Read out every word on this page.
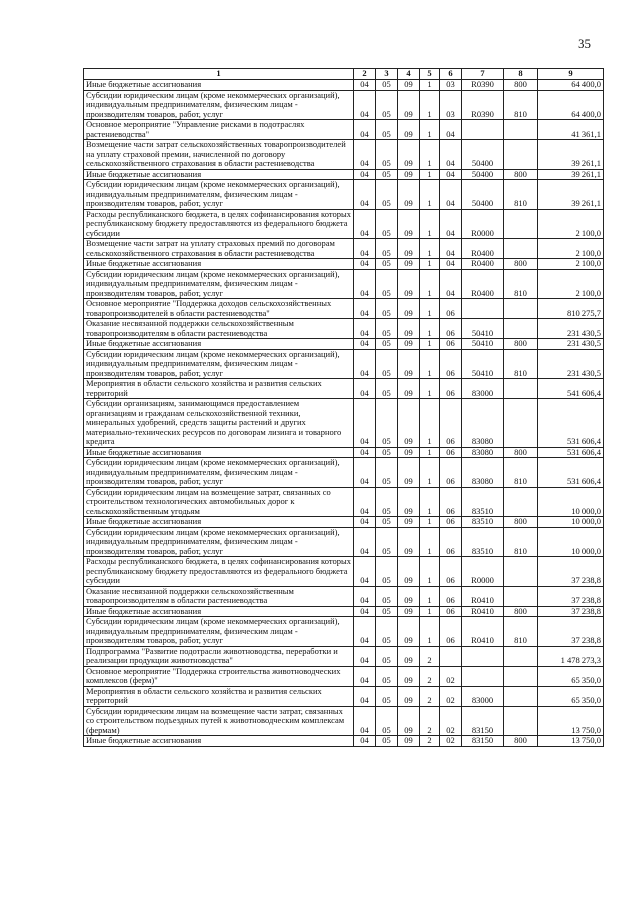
35
1	2	3	4	5	6	7	8	9
Иные бюджетные ассигнования	04	05	09	1	03	R0390	800	64 400,0
Субсидии юридическим лицам (кроме некоммерческих организаций), индивидуальным предпринимателям, физическим лицам - производителям товаров, работ, услуг	04	05	09	1	03	R0390	810	64 400,0
Основное мероприятие "Управление рисками в подотраслях растениеводства"	04	05	09	1	04			41 361,1
Возмещение части затрат сельскохозяйственных товаропроизводителей на уплату страховой премии, начисленной по договору сельскохозяйственного страхования в области растениеводства	04	05	09	1	04	50400		39 261,1
Иные бюджетные ассигнования	04	05	09	1	04	50400	800	39 261,1
Субсидии юридическим лицам (кроме некоммерческих организаций), индивидуальным предпринимателям, физическим лицам - производителям товаров, работ, услуг	04	05	09	1	04	50400	810	39 261,1
Расходы республиканского бюджета, в целях софинансирования которых республиканскому бюджету предоставляются из федерального бюджета субсидии	04	05	09	1	04	R0000		2 100,0
Возмещение части затрат на уплату страховых премий по договорам сельскохозяйственного страхования в области растениеводства	04	05	09	1	04	R0400		2 100,0
Иные бюджетные ассигнования	04	05	09	1	04	R0400	800	2 100,0
Субсидии юридическим лицам (кроме некоммерческих организаций), индивидуальным предпринимателям, физическим лицам - производителям товаров, работ, услуг	04	05	09	1	04	R0400	810	2 100,0
Основное мероприятие "Поддержка доходов сельскохозяйственных товаропроизводителей в области растениеводства"	04	05	09	1	06			810 275,7
Оказание несвязанной поддержки сельскохозяйственным товаропроизводителям в области растениеводства	04	05	09	1	06	50410		231 430,5
Иные бюджетные ассигнования	04	05	09	1	06	50410	800	231 430,5
Субсидии юридическим лицам (кроме некоммерческих организаций), индивидуальным предпринимателям, физическим лицам - производителям товаров, работ, услуг	04	05	09	1	06	50410	810	231 430,5
Мероприятия в области сельского хозяйства и развития сельских территорий	04	05	09	1	06	83000		541 606,4
Субсидии организациям, занимающимся предоставлением организациям и гражданам сельскохозяйственной техники, минеральных удобрений, средств защиты растений и других материально-технических ресурсов по договорам лизинга и товарного кредита	04	05	09	1	06	83080		531 606,4
Иные бюджетные ассигнования	04	05	09	1	06	83080	800	531 606,4
Субсидии юридическим лицам (кроме некоммерческих организаций), индивидуальным предпринимателям, физическим лицам - производителям товаров, работ, услуг	04	05	09	1	06	83080	810	531 606,4
Субсидии юридическим лицам на возмещение затрат, связанных со строительством технологических автомобильных дорог к сельскохозяйственным угодьям	04	05	09	1	06	83510		10 000,0
Иные бюджетные ассигнования	04	05	09	1	06	83510	800	10 000,0
Субсидии юридическим лицам (кроме некоммерческих организаций), индивидуальным предпринимателям, физическим лицам - производителям товаров, работ, услуг	04	05	09	1	06	83510	810	10 000,0
Расходы республиканского бюджета, в целях софинансирования которых республиканскому бюджету предоставляются из федерального бюджета субсидии	04	05	09	1	06	R0000		37 238,8
Оказание несвязанной поддержки сельскохозяйственным товаропроизводителям в области растениеводства	04	05	09	1	06	R0410		37 238,8
Иные бюджетные ассигнования	04	05	09	1	06	R0410	800	37 238,8
Субсидии юридическим лицам (кроме некоммерческих организаций), индивидуальным предпринимателям, физическим лицам - производителям товаров, работ, услуг	04	05	09	1	06	R0410	810	37 238,8
Подпрограмма "Развитие подотрасли животноводства, переработки и реализации продукции животноводства"	04	05	09	2				1 478 273,3
Основное мероприятие "Поддержка строительства животноводческих комплексов (ферм)"	04	05	09	2	02			65 350,0
Мероприятия в области сельского хозяйства и развития сельских территорий	04	05	09	2	02	83000		65 350,0
Субсидии юридическим лицам на возмещение части затрат, связанных со строительством подъездных путей к животноводческим комплексам (фермам)	04	05	09	2	02	83150		13 750,0
Иные бюджетные ассигнования	04	05	09	2	02	83150	800	13 750,0
